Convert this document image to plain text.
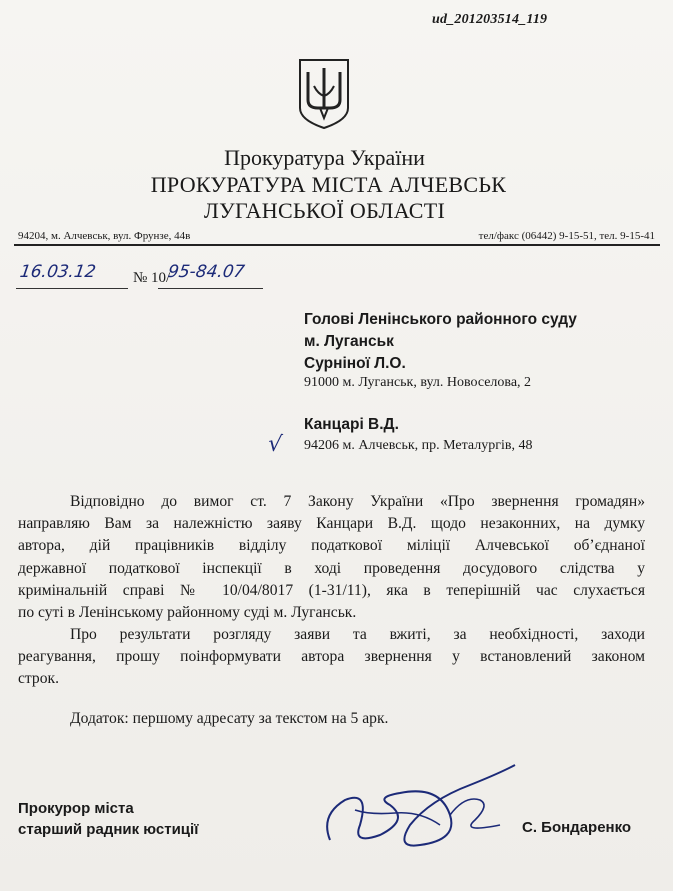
ud_201203514_119
Прокуратура України
ПРОКУРАТУРА МІСТА АЛЧЕВСЬК
ЛУГАНСЬКОЇ ОБЛАСТІ
94204, м. Алчевськ, вул. Фрунзе, 44в	тел/факс (06442) 9-15-51, тел. 9-15-41
16.03.12 № 10/
95-84.07
Голові Ленінського районного суду
м. Луганськ
Сурніної Л.О.
91000 м. Луганськ, вул. Новоселова, 2
Канцарі В.Д.
94206 м. Алчевськ, пр. Металургів, 48
√
Відповідно до вимог ст. 7 Закону України «Про звернення громадян»
направляю Вам за належністю заяву Канцари В.Д. щодо незаконних, на думку
автора, дій працівників відділу податкової міліції Алчевської об’єднаної
державної податкової інспекції в ході проведення досудового слідства у
кримінальній справі № 10/04/8017 (1-31/11), яка в теперішній час слухається
по суті в Ленінському районному суді м. Луганськ.
Про результати розгляду заяви та вжиті, за необхідності, заходи
реагування, прошу поінформувати автора звернення у встановлений законом
строк.
Додаток: першому адресату за текстом на 5 арк.
Прокурор міста
старший радник юстиції	С. Бондаренко
